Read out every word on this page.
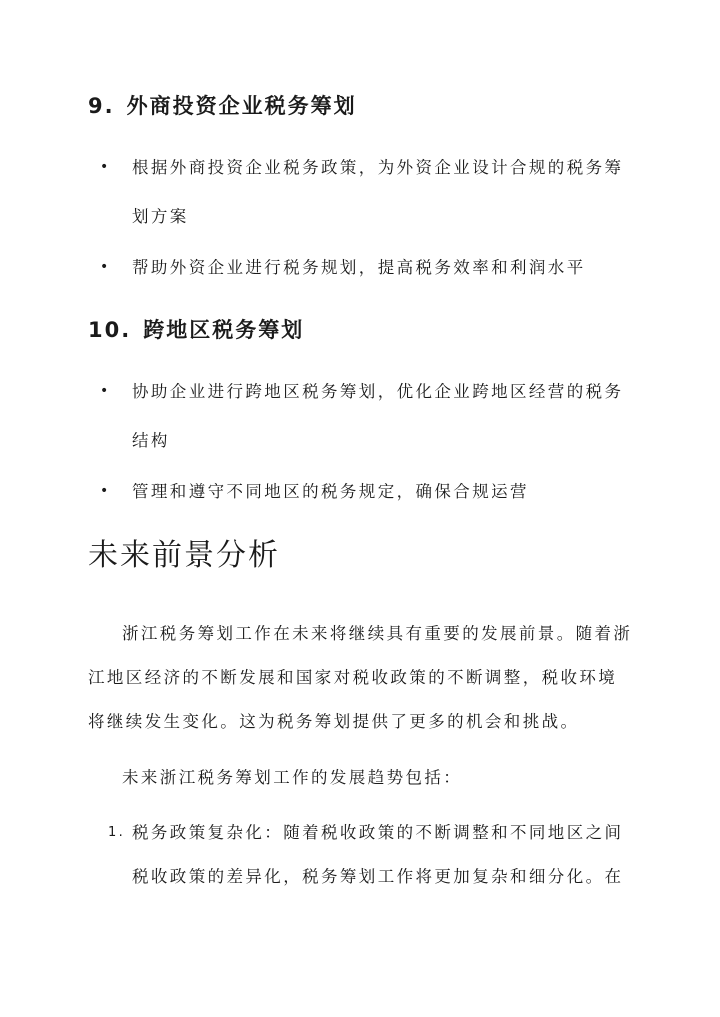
9. 外商投资企业税务筹划
•	根据外商投资企业税务政策，为外资企业设计合规的税务筹划方案
•	帮助外资企业进行税务规划，提高税务效率和利润水平
10. 跨地区税务筹划
•	协助企业进行跨地区税务筹划，优化企业跨地区经营的税务结构
•	管理和遵守不同地区的税务规定，确保合规运营
未来前景分析
浙江税务筹划工作在未来将继续具有重要的发展前景。随着浙江地区经济的不断发展和国家对税收政策的不断调整，税收环境将继续发生变化。这为税务筹划提供了更多的机会和挑战。
未来浙江税务筹划工作的发展趋势包括：
1. 税务政策复杂化：随着税收政策的不断调整和不同地区之间税收政策的差异化，税务筹划工作将更加复杂和细分化。在
